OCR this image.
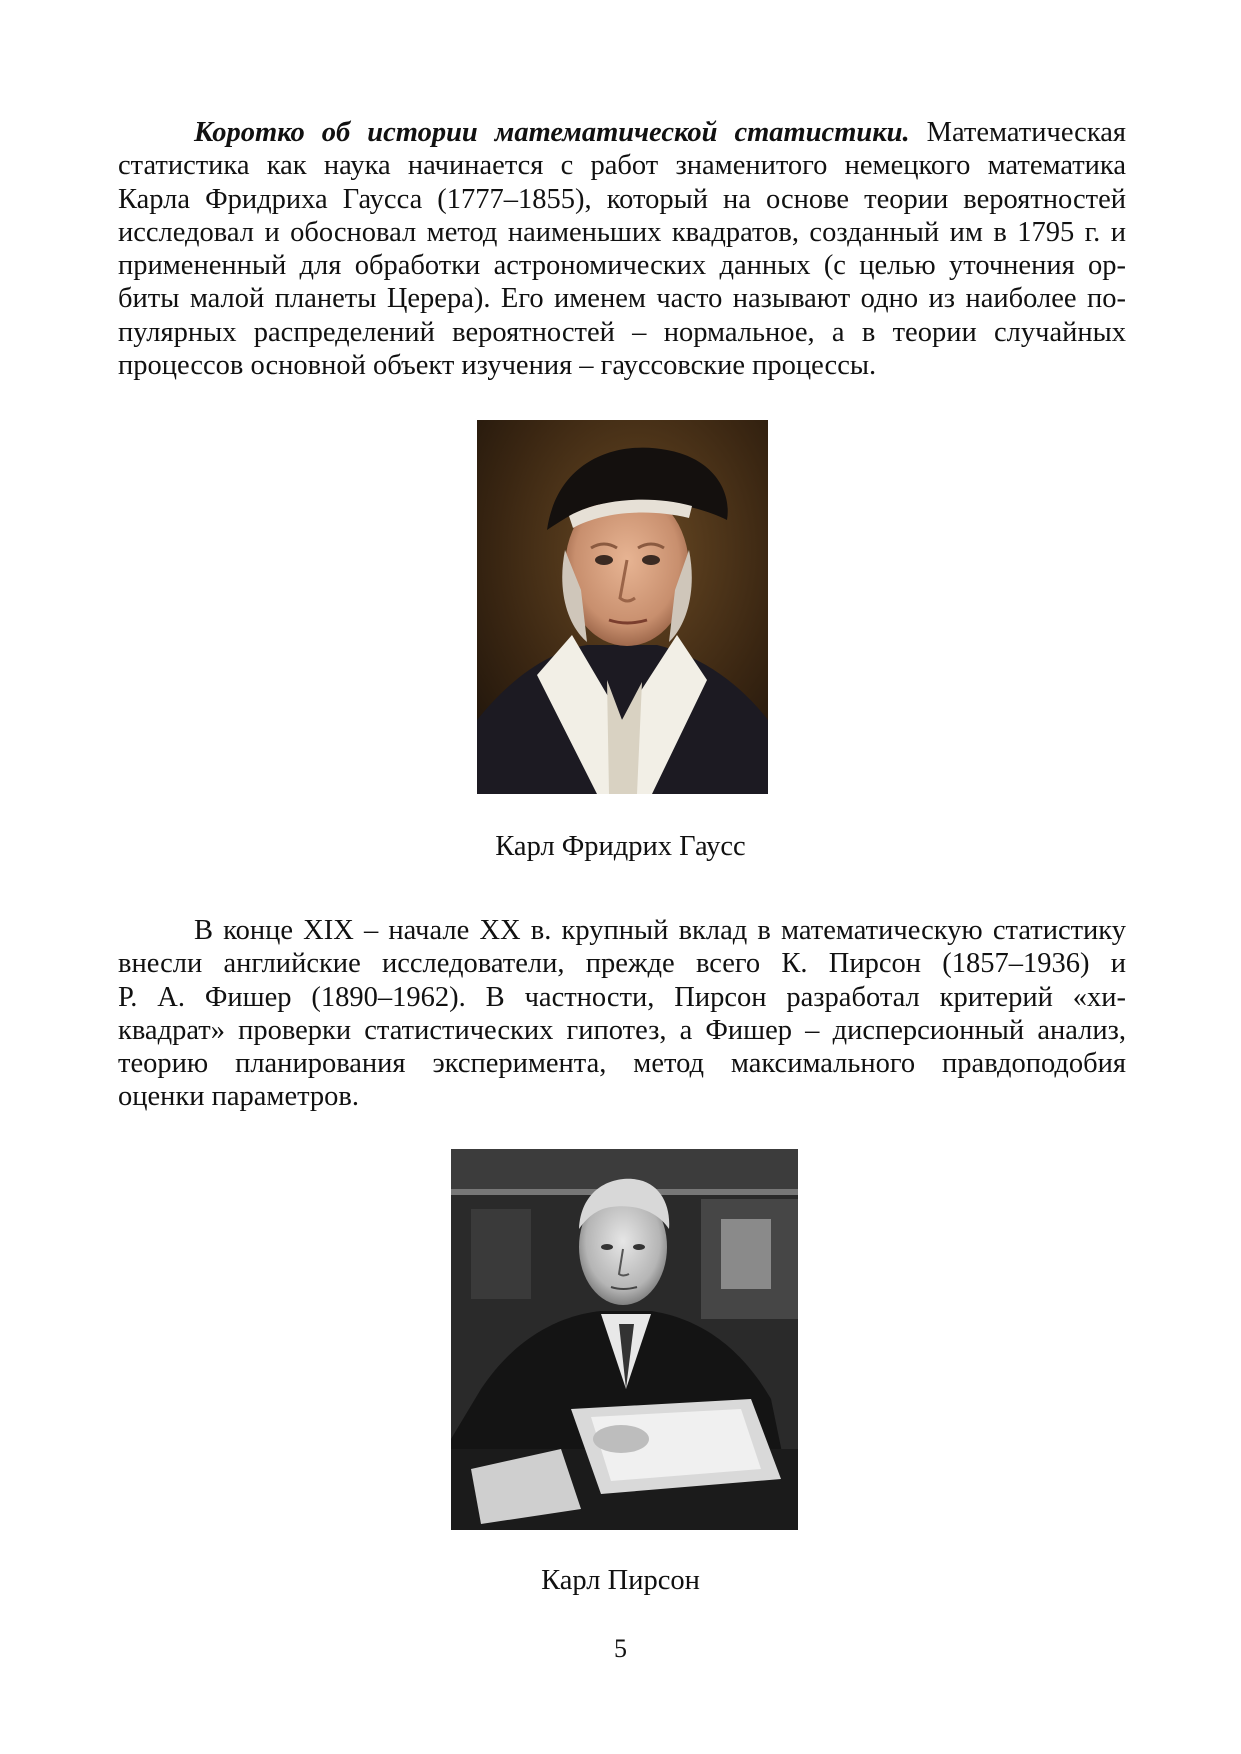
Коротко об истории математической статистики. Математическая
статистика как наука начинается с работ знаменитого немецкого математика
Карла Фридриха Гаусса (1777–1855), который на основе теории вероятностей
исследовал и обосновал метод наименьших квадратов, созданный им в 1795 г. и
примененный для обработки астрономических данных (с целью уточнения ор-
биты малой планеты Церера). Его именем часто называют одно из наиболее по-
пулярных распределений вероятностей – нормальное, а в теории случайных
процессов основной объект изучения – гауссовские процессы.
Карл Фридрих Гаусс
В конце XIX – начале XX в. крупный вклад в математическую статистику
внесли английские исследователи, прежде всего К. Пирсон (1857–1936) и
Р. А. Фишер (1890–1962). В частности, Пирсон разработал критерий «хи-
квадрат» проверки статистических гипотез, а Фишер – дисперсионный анализ,
теорию планирования эксперимента, метод максимального правдоподобия
оценки параметров.
Карл Пирсон
5
